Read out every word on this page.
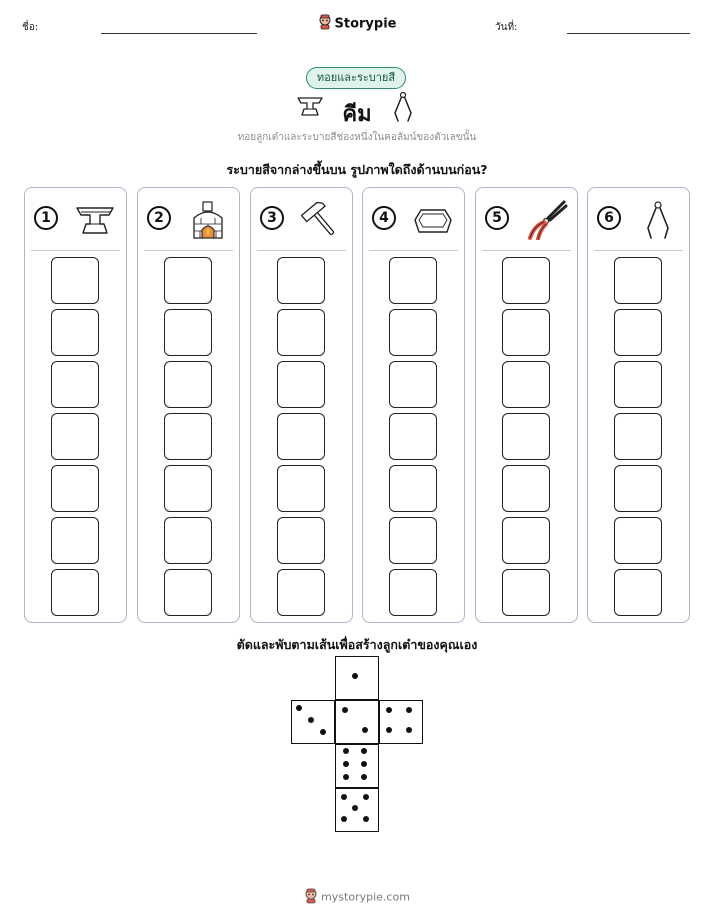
ชื่อ:	Storypie	วันที่:
ทอยและระบายสี
คีม
ทอยลูกเต๋าและระบายสีช่องหนึ่งในคอลัมน์ของตัวเลขนั้น
ระบายสีจากล่างขึ้นบน รูปภาพใดถึงด้านบนก่อน?
1	2	3	4	5	6
ตัดและพับตามเส้นเพื่อสร้างลูกเต๋าของคุณเอง
mystorypie.com
